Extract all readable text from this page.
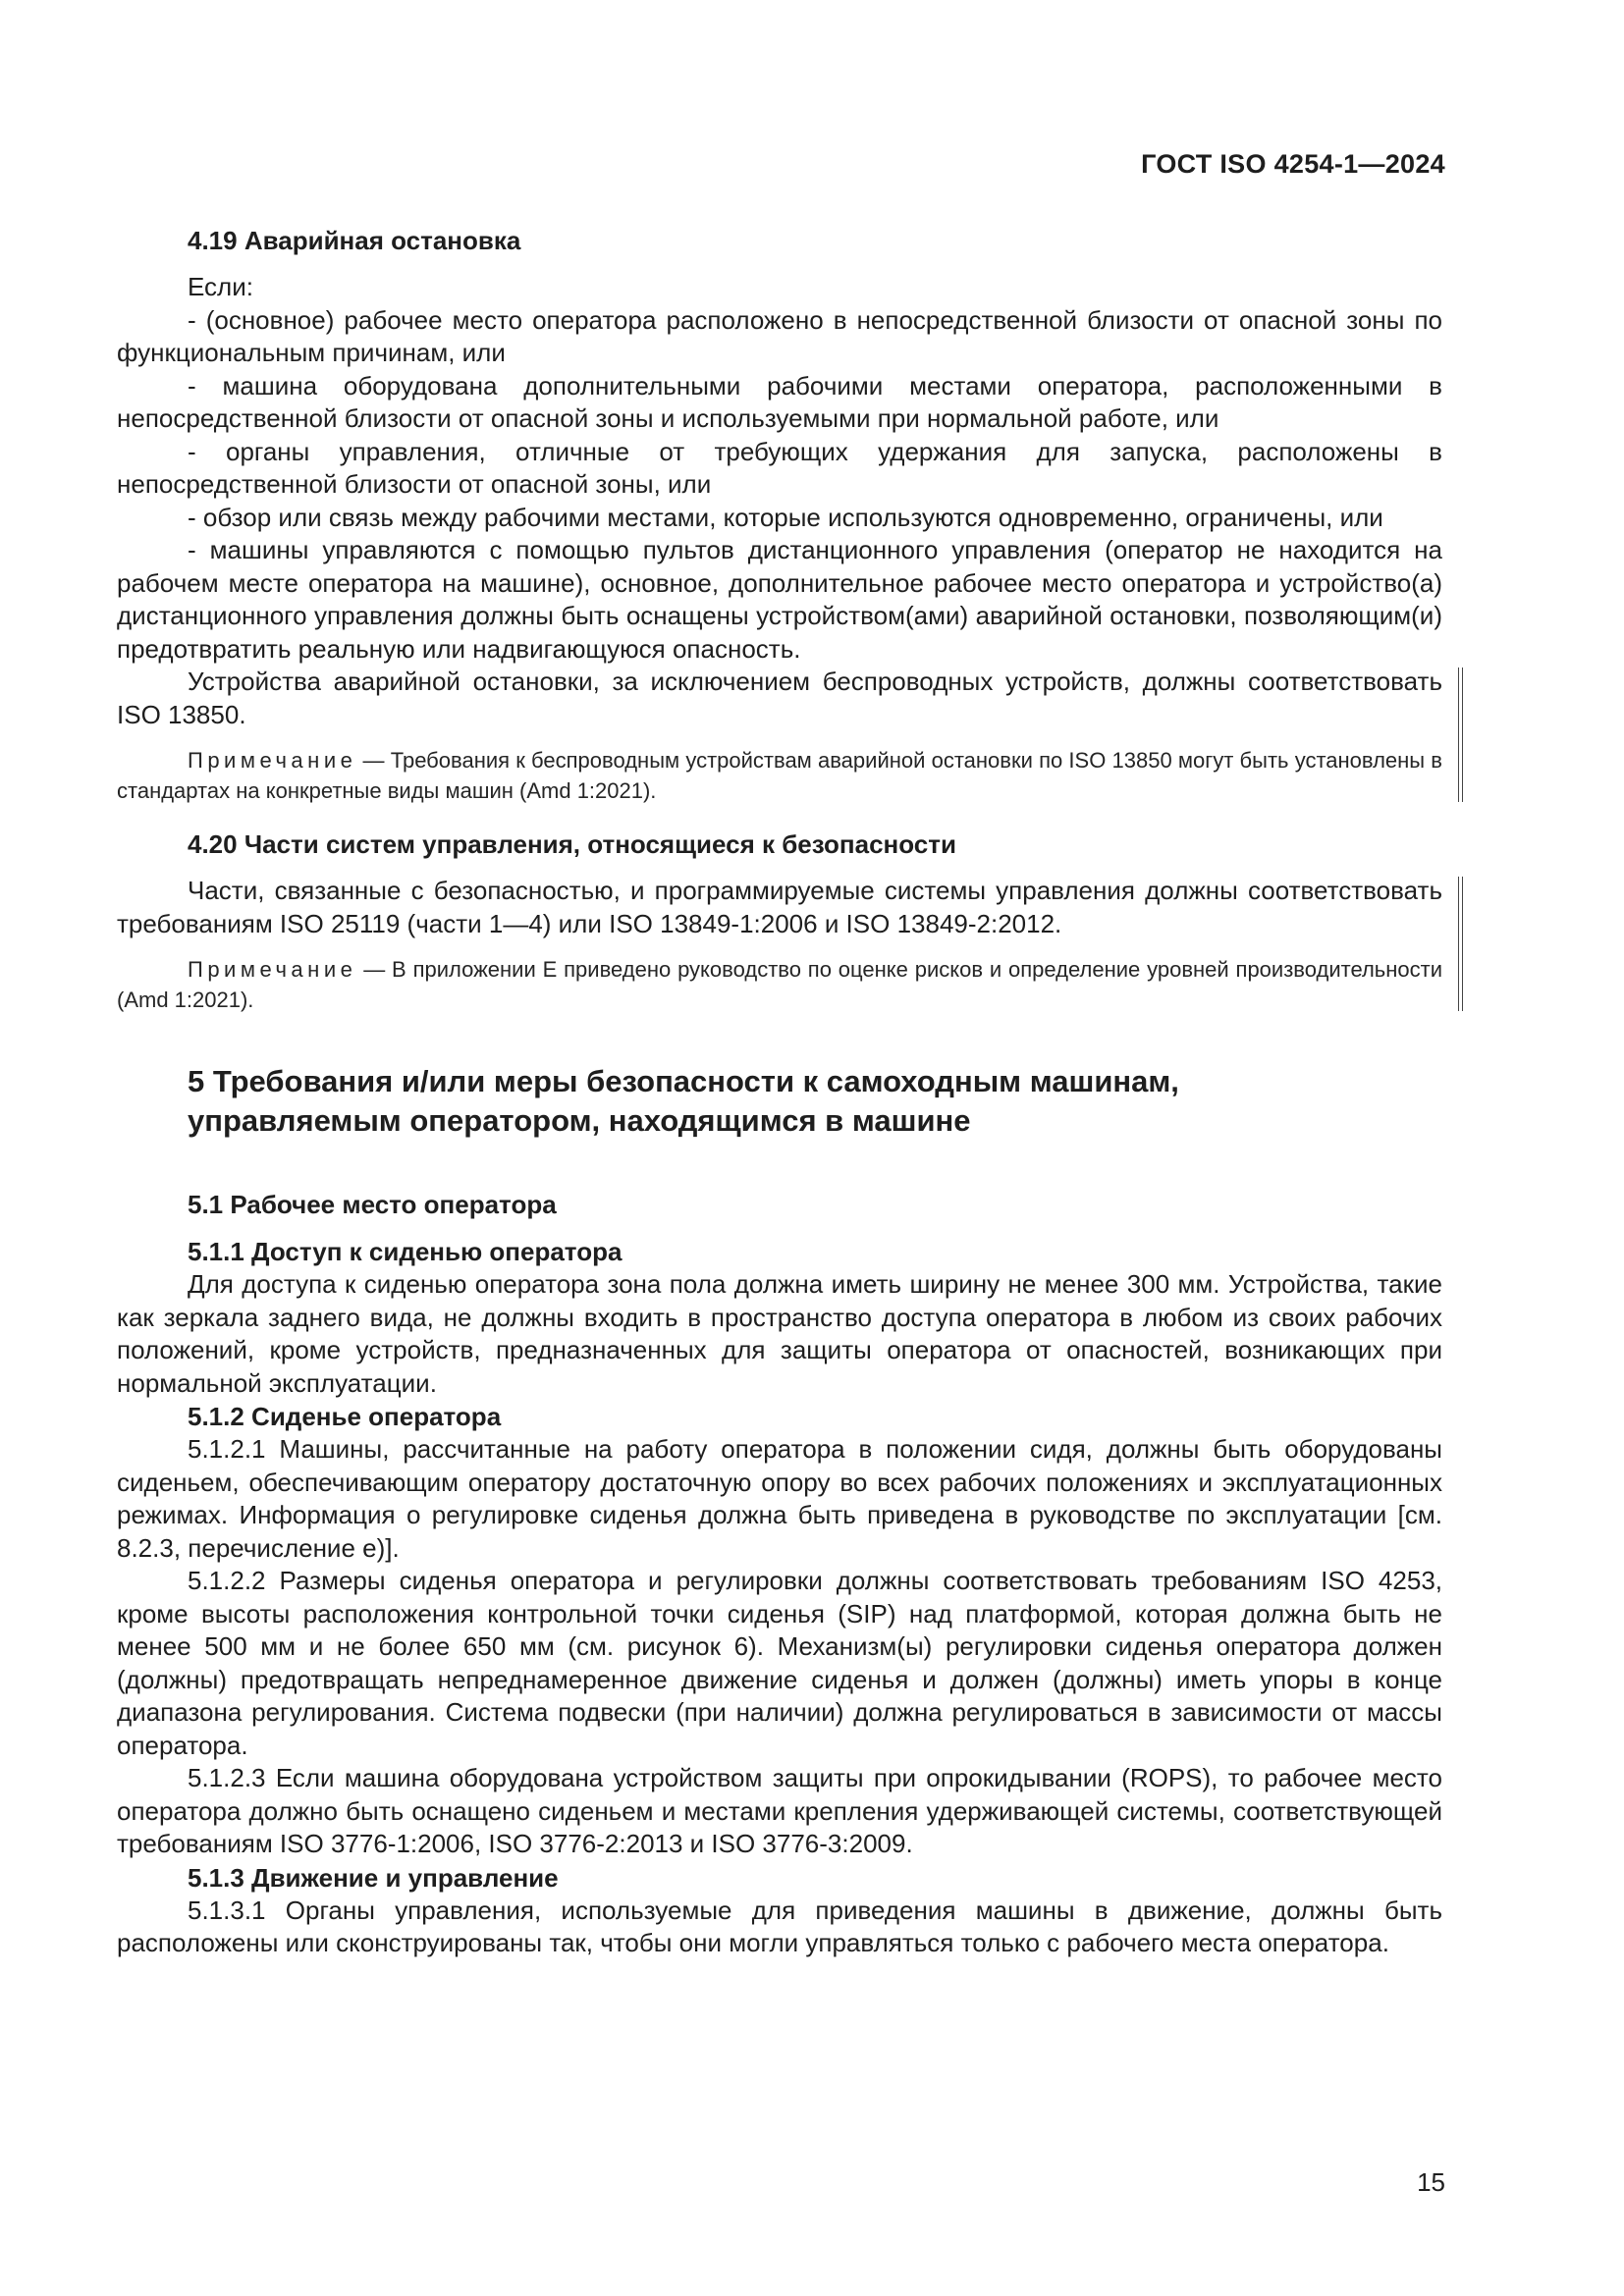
ГОСТ ISO 4254-1—2024
4.19 Аварийная остановка

Если:

- (основное) рабочее место оператора расположено в непосредственной близости от опасной зоны по функциональным причинам, или

- машина оборудована дополнительными рабочими местами оператора, расположенными в непосредственной близости от опасной зоны и используемыми при нормальной работе, или

- органы управления, отличные от требующих удержания для запуска, расположены в непосредственной близости от опасной зоны, или

- обзор или связь между рабочими местами, которые используются одновременно, ограничены, или

- машины управляются с помощью пультов дистанционного управления (оператор не находится на рабочем месте оператора на машине), основное, дополнительное рабочее место оператора и устройство(а) дистанционного управления должны быть оснащены устройством(ами) аварийной остановки, позволяющим(и) предотвратить реальную или надвигающуюся опасность.

Устройства аварийной остановки, за исключением беспроводных устройств, должны соответствовать ISO 13850.

Примечание — Требования к беспроводным устройствам аварийной остановки по ISO 13850 могут быть установлены в стандартах на конкретные виды машин (Amd 1:2021).

4.20 Части систем управления, относящиеся к безопасности

Части, связанные с безопасностью, и программируемые системы управления должны соответствовать требованиям ISO 25119 (части 1—4) или ISO 13849-1:2006 и ISO 13849-2:2012.

Примечание — В приложении Е приведено руководство по оценке рисков и определение уровней производительности (Amd 1:2021).

5 Требования и/или меры безопасности к самоходным машинам,
управляемым оператором, находящимся в машине
5.1 Рабочее место оператора
5.1.1 Доступ к сиденью оператора

Для доступа к сиденью оператора зона пола должна иметь ширину не менее 300 мм. Устройства, такие как зеркала заднего вида, не должны входить в пространство доступа оператора в любом из своих рабочих положений, кроме устройств, предназначенных для защиты оператора от опасностей, возникающих при нормальной эксплуатации.

5.1.2 Сиденье оператора

5.1.2.1 Машины, рассчитанные на работу оператора в положении сидя, должны быть оборудованы сиденьем, обеспечивающим оператору достаточную опору во всех рабочих положениях и эксплуатационных режимах. Информация о регулировке сиденья должна быть приведена в руководстве по эксплуатации [см. 8.2.3, перечисление е)].

5.1.2.2 Размеры сиденья оператора и регулировки должны соответствовать требованиям ISO 4253, кроме высоты расположения контрольной точки сиденья (SIP) над платформой, которая должна быть не менее 500 мм и не более 650 мм (см. рисунок 6). Механизм(ы) регулировки сиденья оператора должен (должны) предотвращать непреднамеренное движение сиденья и должен (должны) иметь упоры в конце диапазона регулирования. Система подвески (при наличии) должна регулироваться в зависимости от массы оператора.

5.1.2.3 Если машина оборудована устройством защиты при опрокидывании (ROPS), то рабочее место оператора должно быть оснащено сиденьем и местами крепления удерживающей системы, соответствующей требованиям ISO 3776-1:2006, ISO 3776-2:2013 и ISO 3776-3:2009.

5.1.3 Движение и управление

5.1.3.1 Органы управления, используемые для приведения машины в движение, должны быть расположены или сконструированы так, чтобы они могли управляться только с рабочего места оператора.

15
